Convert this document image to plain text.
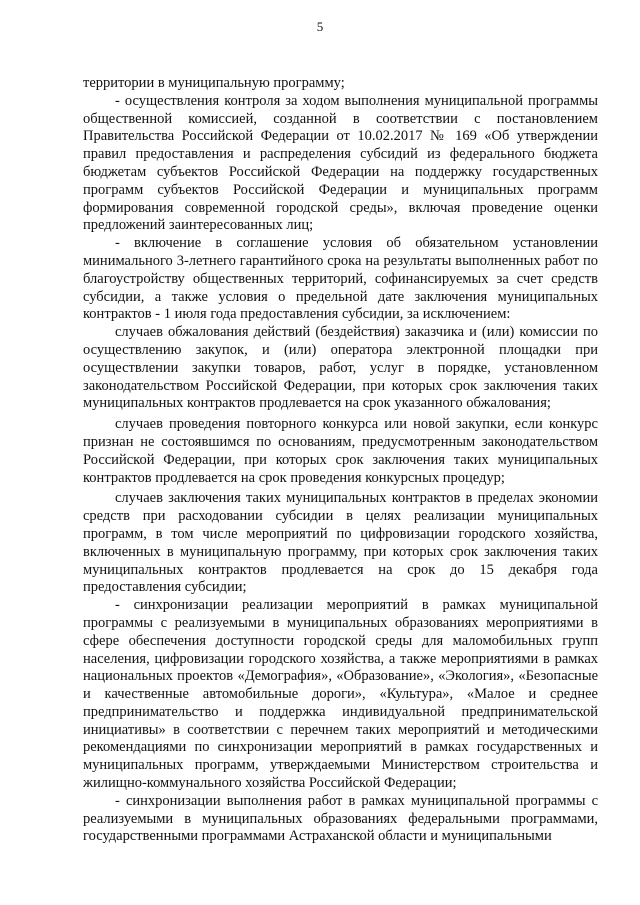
5

территории в муниципальную программу;

- осуществления контроля за ходом выполнения муниципальной программы общественной комиссией, созданной в соответствии с постановлением Правительства Российской Федерации от 10.02.2017 № 169 «Об утверждении правил предоставления и распределения субсидий из федерального бюджета бюджетам субъектов Российской Федерации на поддержку государственных программ субъектов Российской Федерации и муниципальных программ формирования современной городской среды», включая проведение оценки предложений заинтересованных лиц;

- включение в соглашение условия об обязательном установлении минимального 3-летнего гарантийного срока на результаты выполненных работ по благоустройству общественных территорий, софинансируемых за счет средств субсидии, а также условия о предельной дате заключения муниципальных контрактов - 1 июля года предоставления субсидии, за исключением:

случаев обжалования действий (бездействия) заказчика и (или) комиссии по осуществлению закупок, и (или) оператора электронной площадки при осуществлении закупки товаров, работ, услуг в порядке, установленном законодательством Российской Федерации, при которых срок заключения таких муниципальных контрактов продлевается на срок указанного обжалования;

случаев проведения повторного конкурса или новой закупки, если конкурс признан не состоявшимся по основаниям, предусмотренным законодательством Российской Федерации, при которых срок заключения таких муниципальных контрактов продлевается на срок проведения конкурсных процедур;

случаев заключения таких муниципальных контрактов в пределах экономии средств при расходовании субсидии в целях реализации муниципальных программ, в том числе мероприятий по цифровизации городского хозяйства, включенных в муниципальную программу, при которых срок заключения таких муниципальных контрактов продлевается на срок до 15 декабря года предоставления субсидии;

- синхронизации реализации мероприятий в рамках муниципальной программы с реализуемыми в муниципальных образованиях мероприятиями в сфере обеспечения доступности городской среды для маломобильных групп населения, цифровизации городского хозяйства, а также мероприятиями в рамках национальных проектов «Демография», «Образование», «Экология», «Безопасные и качественные автомобильные дороги», «Культура», «Малое и среднее предпринимательство и поддержка индивидуальной предпринимательской инициативы» в соответствии с перечнем таких мероприятий и методическими рекомендациями по синхронизации мероприятий в рамках государственных и муниципальных программ, утверждаемыми Министерством строительства и жилищно-коммунального хозяйства Российской Федерации;

- синхронизации выполнения работ в рамках муниципальной программы с реализуемыми в муниципальных образованиях федеральными программами, государственными программами Астраханской области и муниципальными
